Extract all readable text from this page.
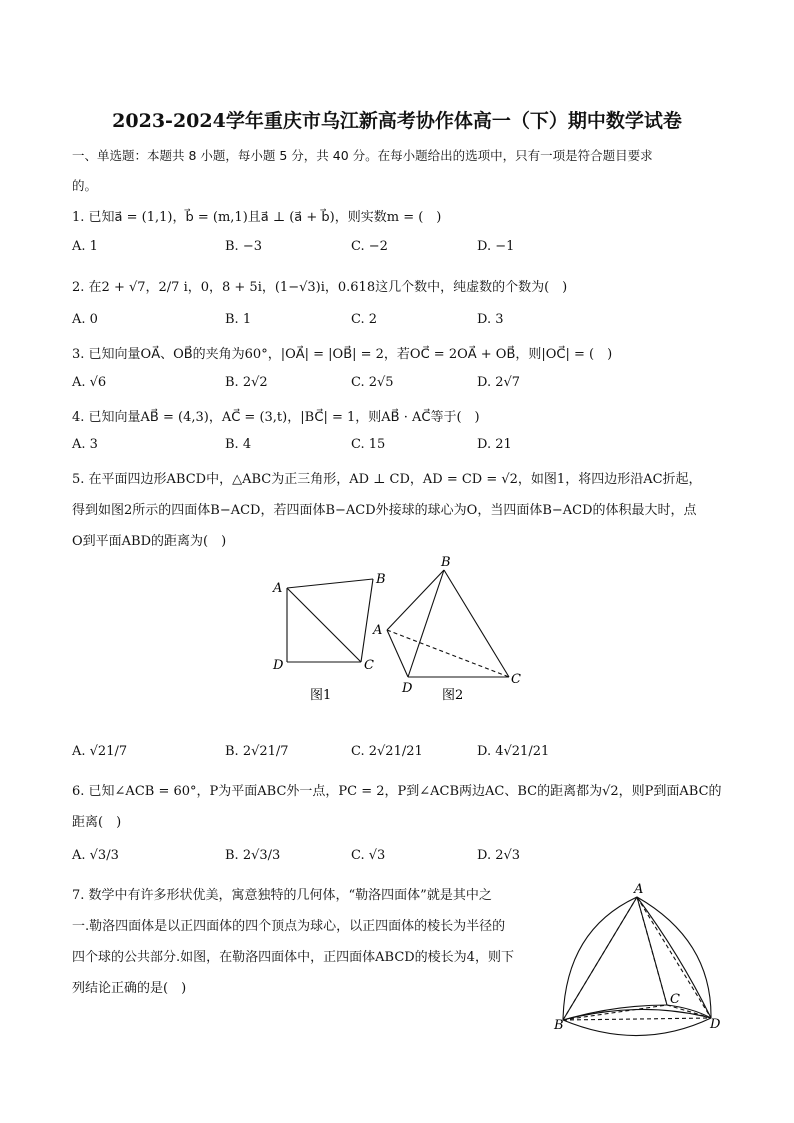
2023-2024学年重庆市乌江新高考协作体高一（下）期中数学试卷
一、单选题：本题共 8 小题，每小题 5 分，共 40 分。在每小题给出的选项中，只有一项是符合题目要求
的。
1. 已知a⃗ = (1,1)，b⃗ = (m,1)且a⃗ ⊥ (a⃗ + b⃗)，则实数m = (　)
A. 1	B. −3	C. −2	D. −1
2. 在2 + √7，2/7 i，0，8 + 5i，(1−√3)i，0.618这几个数中，纯虚数的个数为(　)
A. 0	B. 1	C. 2	D. 3
3. 已知向量OA⃗、OB⃗的夹角为60°，|OA⃗| = |OB⃗| = 2，若OC⃗ = 2OA⃗ + OB⃗，则|OC⃗| = (　)
A. √6	B. 2√2	C. 2√5	D. 2√7
4. 已知向量AB⃗ = (4,3)，AC⃗ = (3,t)，|BC⃗| = 1，则AB⃗ · AC⃗等于(　)
A. 3	B. 4	C. 15	D. 21
5. 在平面四边形ABCD中，△ABC为正三角形，AD ⊥ CD，AD = CD = √2，如图1，将四边形沿AC折起，
得到如图2所示的四面体B−ACD，若四面体B−ACD外接球的球心为O，当四面体B−ACD的体积最大时，点
O到平面ABD的距离为(　)
A
B
D	C
图1
B
A
D
C
图2
A. √21/7	B. 2√21/7	C. 2√21/21	D. 4√21/21
6. 已知∠ACB = 60°，P为平面ABC外一点，PC = 2，P到∠ACB两边AC、BC的距离都为√2，则P到面ABC的
距离(　)
A. √3/3	B. 2√3/3	C. √3	D. 2√3
7. 数学中有许多形状优美，寓意独特的几何体，“勒洛四面体”就是其中之
一.勒洛四面体是以正四面体的四个顶点为球心，以正四面体的棱长为半径的
四个球的公共部分.如图，在勒洛四面体中，正四面体ABCD的棱长为4，则下
列结论正确的是(　)
A
B
C
D
